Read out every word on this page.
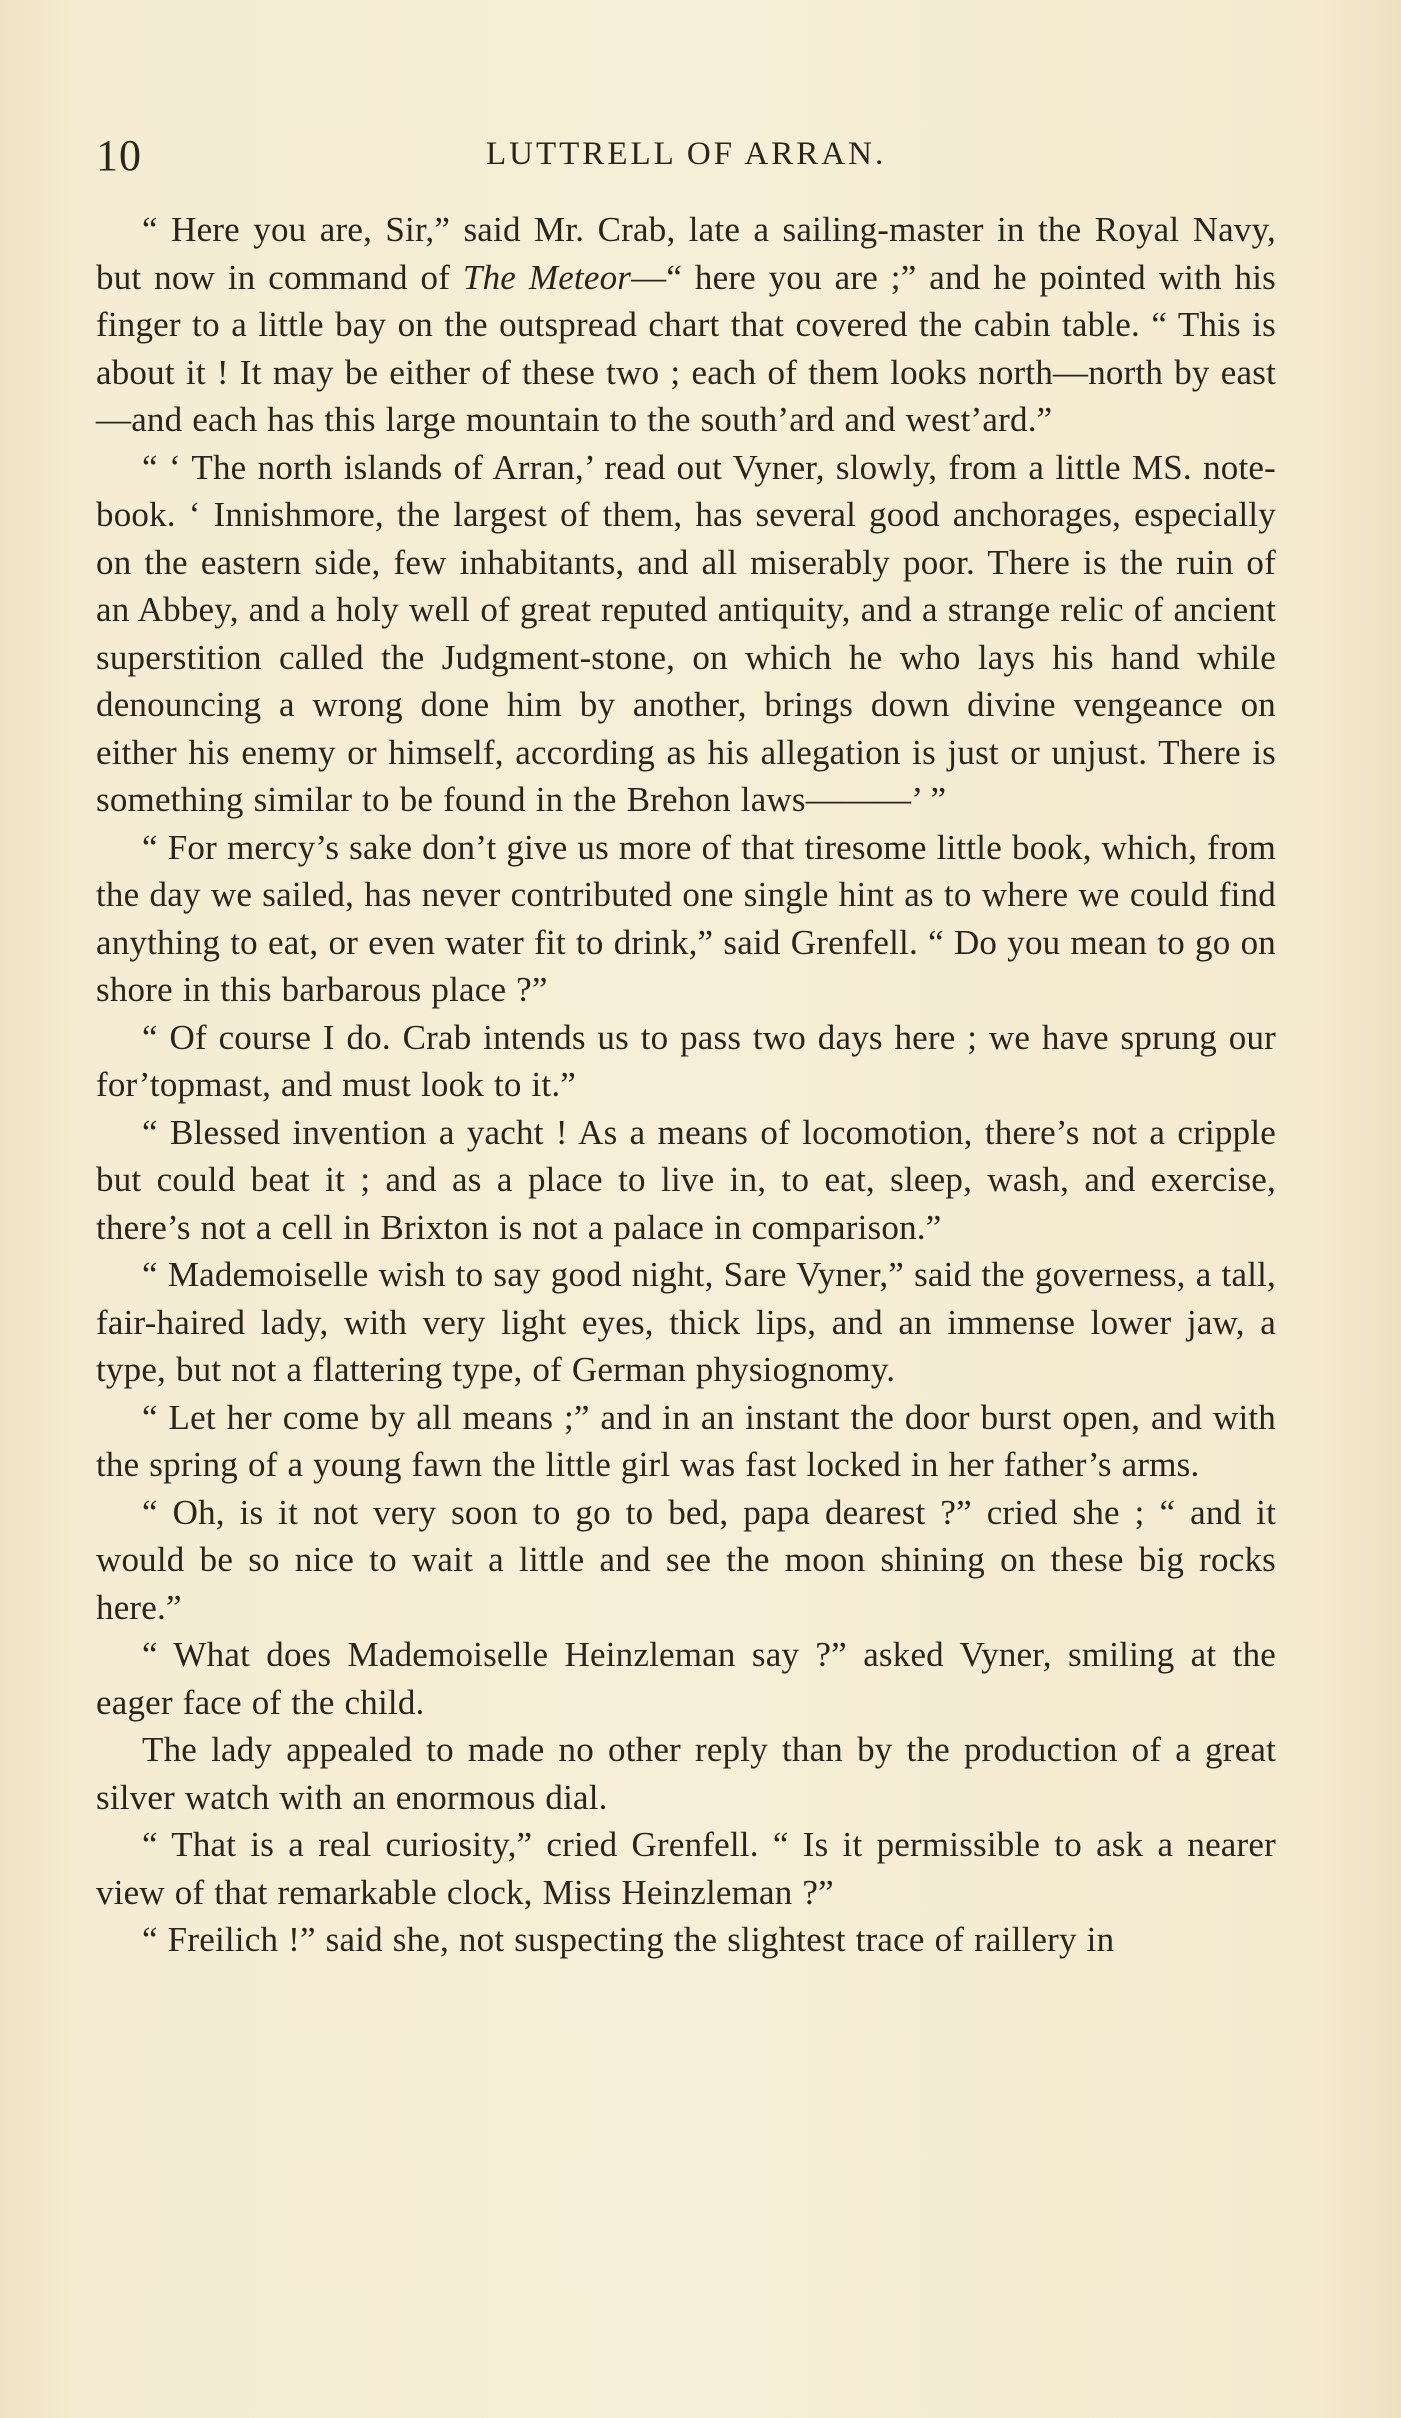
10	LUTTRELL OF ARRAN.

“ Here you are, Sir,” said Mr. Crab, late a sailing-master in the Royal Navy, but now in command of The Meteor—“ here you are ;” and he pointed with his finger to a little bay on the outspread chart that covered the cabin table. “ This is about it ! It may be either of these two ; each of them looks north—north by east—and each has this large mountain to the south’ard and west’ard.”

“ ‘ The north islands of Arran,’ read out Vyner, slowly, from a little MS. note-book. ‘ Innishmore, the largest of them, has several good anchorages, especially on the eastern side, few inhabitants, and all miserably poor. There is the ruin of an Abbey, and a holy well of great reputed antiquity, and a strange relic of ancient superstition called the Judgment-stone, on which he who lays his hand while denouncing a wrong done him by another, brings down divine vengeance on either his enemy or himself, according as his allegation is just or unjust. There is something similar to be found in the Brehon laws———’ ”

“ For mercy’s sake don’t give us more of that tiresome little book, which, from the day we sailed, has never contributed one single hint as to where we could find anything to eat, or even water fit to drink,” said Grenfell. “ Do you mean to go on shore in this barbarous place ?”

“ Of course I do. Crab intends us to pass two days here ; we have sprung our for’topmast, and must look to it.”

“ Blessed invention a yacht ! As a means of locomotion, there’s not a cripple but could beat it ; and as a place to live in, to eat, sleep, wash, and exercise, there’s not a cell in Brixton is not a palace in comparison.”

“ Mademoiselle wish to say good night, Sare Vyner,” said the governess, a tall, fair-haired lady, with very light eyes, thick lips, and an immense lower jaw, a type, but not a flattering type, of German physiognomy.

“ Let her come by all means ;” and in an instant the door burst open, and with the spring of a young fawn the little girl was fast locked in her father’s arms.

“ Oh, is it not very soon to go to bed, papa dearest ?” cried she ; “ and it would be so nice to wait a little and see the moon shining on these big rocks here.”

“ What does Mademoiselle Heinzleman say ?” asked Vyner, smiling at the eager face of the child.

The lady appealed to made no other reply than by the production of a great silver watch with an enormous dial.

“ That is a real curiosity,” cried Grenfell. “ Is it permissible to ask a nearer view of that remarkable clock, Miss Heinzleman ?”

“ Freilich !” said she, not suspecting the slightest trace of raillery in
